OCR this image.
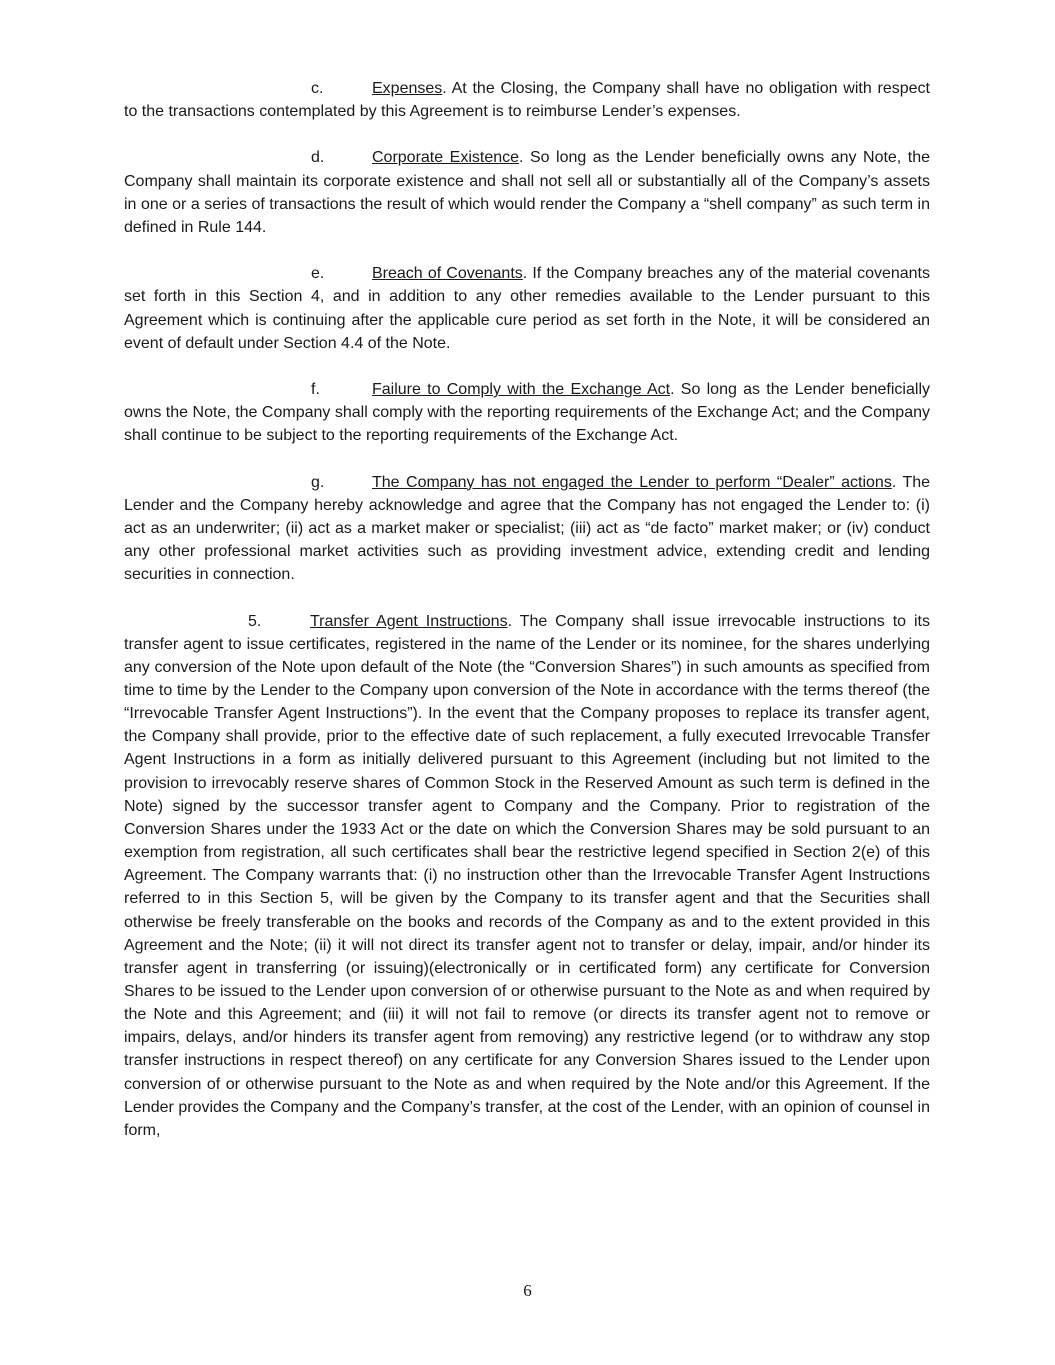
c.	Expenses. At the Closing, the Company shall have no obligation with respect to the transactions contemplated by this Agreement is to reimburse Lender’s expenses.

d.	Corporate Existence. So long as the Lender beneficially owns any Note, the Company shall maintain its corporate existence and shall not sell all or substantially all of the Company’s assets in one or a series of transactions the result of which would render the Company a “shell company” as such term in defined in Rule 144.

e.	Breach of Covenants. If the Company breaches any of the material covenants set forth in this Section 4, and in addition to any other remedies available to the Lender pursuant to this Agreement which is continuing after the applicable cure period as set forth in the Note, it will be considered an event of default under Section 4.4 of the Note.

f.	Failure to Comply with the Exchange Act. So long as the Lender beneficially owns the Note, the Company shall comply with the reporting requirements of the Exchange Act; and the Company shall continue to be subject to the reporting requirements of the Exchange Act.

g.	The Company has not engaged the Lender to perform “Dealer” actions. The Lender and the Company hereby acknowledge and agree that the Company has not engaged the Lender to: (i) act as an underwriter; (ii) act as a market maker or specialist; (iii) act as “de facto” market maker; or (iv) conduct any other professional market activities such as providing investment advice, extending credit and lending securities in connection.

5.	Transfer Agent Instructions. The Company shall issue irrevocable instructions to its transfer agent to issue certificates, registered in the name of the Lender or its nominee, for the shares underlying any conversion of the Note upon default of the Note (the “Conversion Shares”) in such amounts as specified from time to time by the Lender to the Company upon conversion of the Note in accordance with the terms thereof (the “Irrevocable Transfer Agent Instructions”). In the event that the Company proposes to replace its transfer agent, the Company shall provide, prior to the effective date of such replacement, a fully executed Irrevocable Transfer Agent Instructions in a form as initially delivered pursuant to this Agreement (including but not limited to the provision to irrevocably reserve shares of Common Stock in the Reserved Amount as such term is defined in the Note) signed by the successor transfer agent to Company and the Company. Prior to registration of the Conversion Shares under the 1933 Act or the date on which the Conversion Shares may be sold pursuant to an exemption from registration, all such certificates shall bear the restrictive legend specified in Section 2(e) of this Agreement. The Company warrants that: (i) no instruction other than the Irrevocable Transfer Agent Instructions referred to in this Section 5, will be given by the Company to its transfer agent and that the Securities shall otherwise be freely transferable on the books and records of the Company as and to the extent provided in this Agreement and the Note; (ii) it will not direct its transfer agent not to transfer or delay, impair, and/or hinder its transfer agent in transferring (or issuing)(electronically or in certificated form) any certificate for Conversion Shares to be issued to the Lender upon conversion of or otherwise pursuant to the Note as and when required by the Note and this Agreement; and (iii) it will not fail to remove (or directs its transfer agent not to remove or impairs, delays, and/or hinders its transfer agent from removing) any restrictive legend (or to withdraw any stop transfer instructions in respect thereof) on any certificate for any Conversion Shares issued to the Lender upon conversion of or otherwise pursuant to the Note as and when required by the Note and/or this Agreement. If the Lender provides the Company and the Company’s transfer, at the cost of the Lender, with an opinion of counsel in form,

6
